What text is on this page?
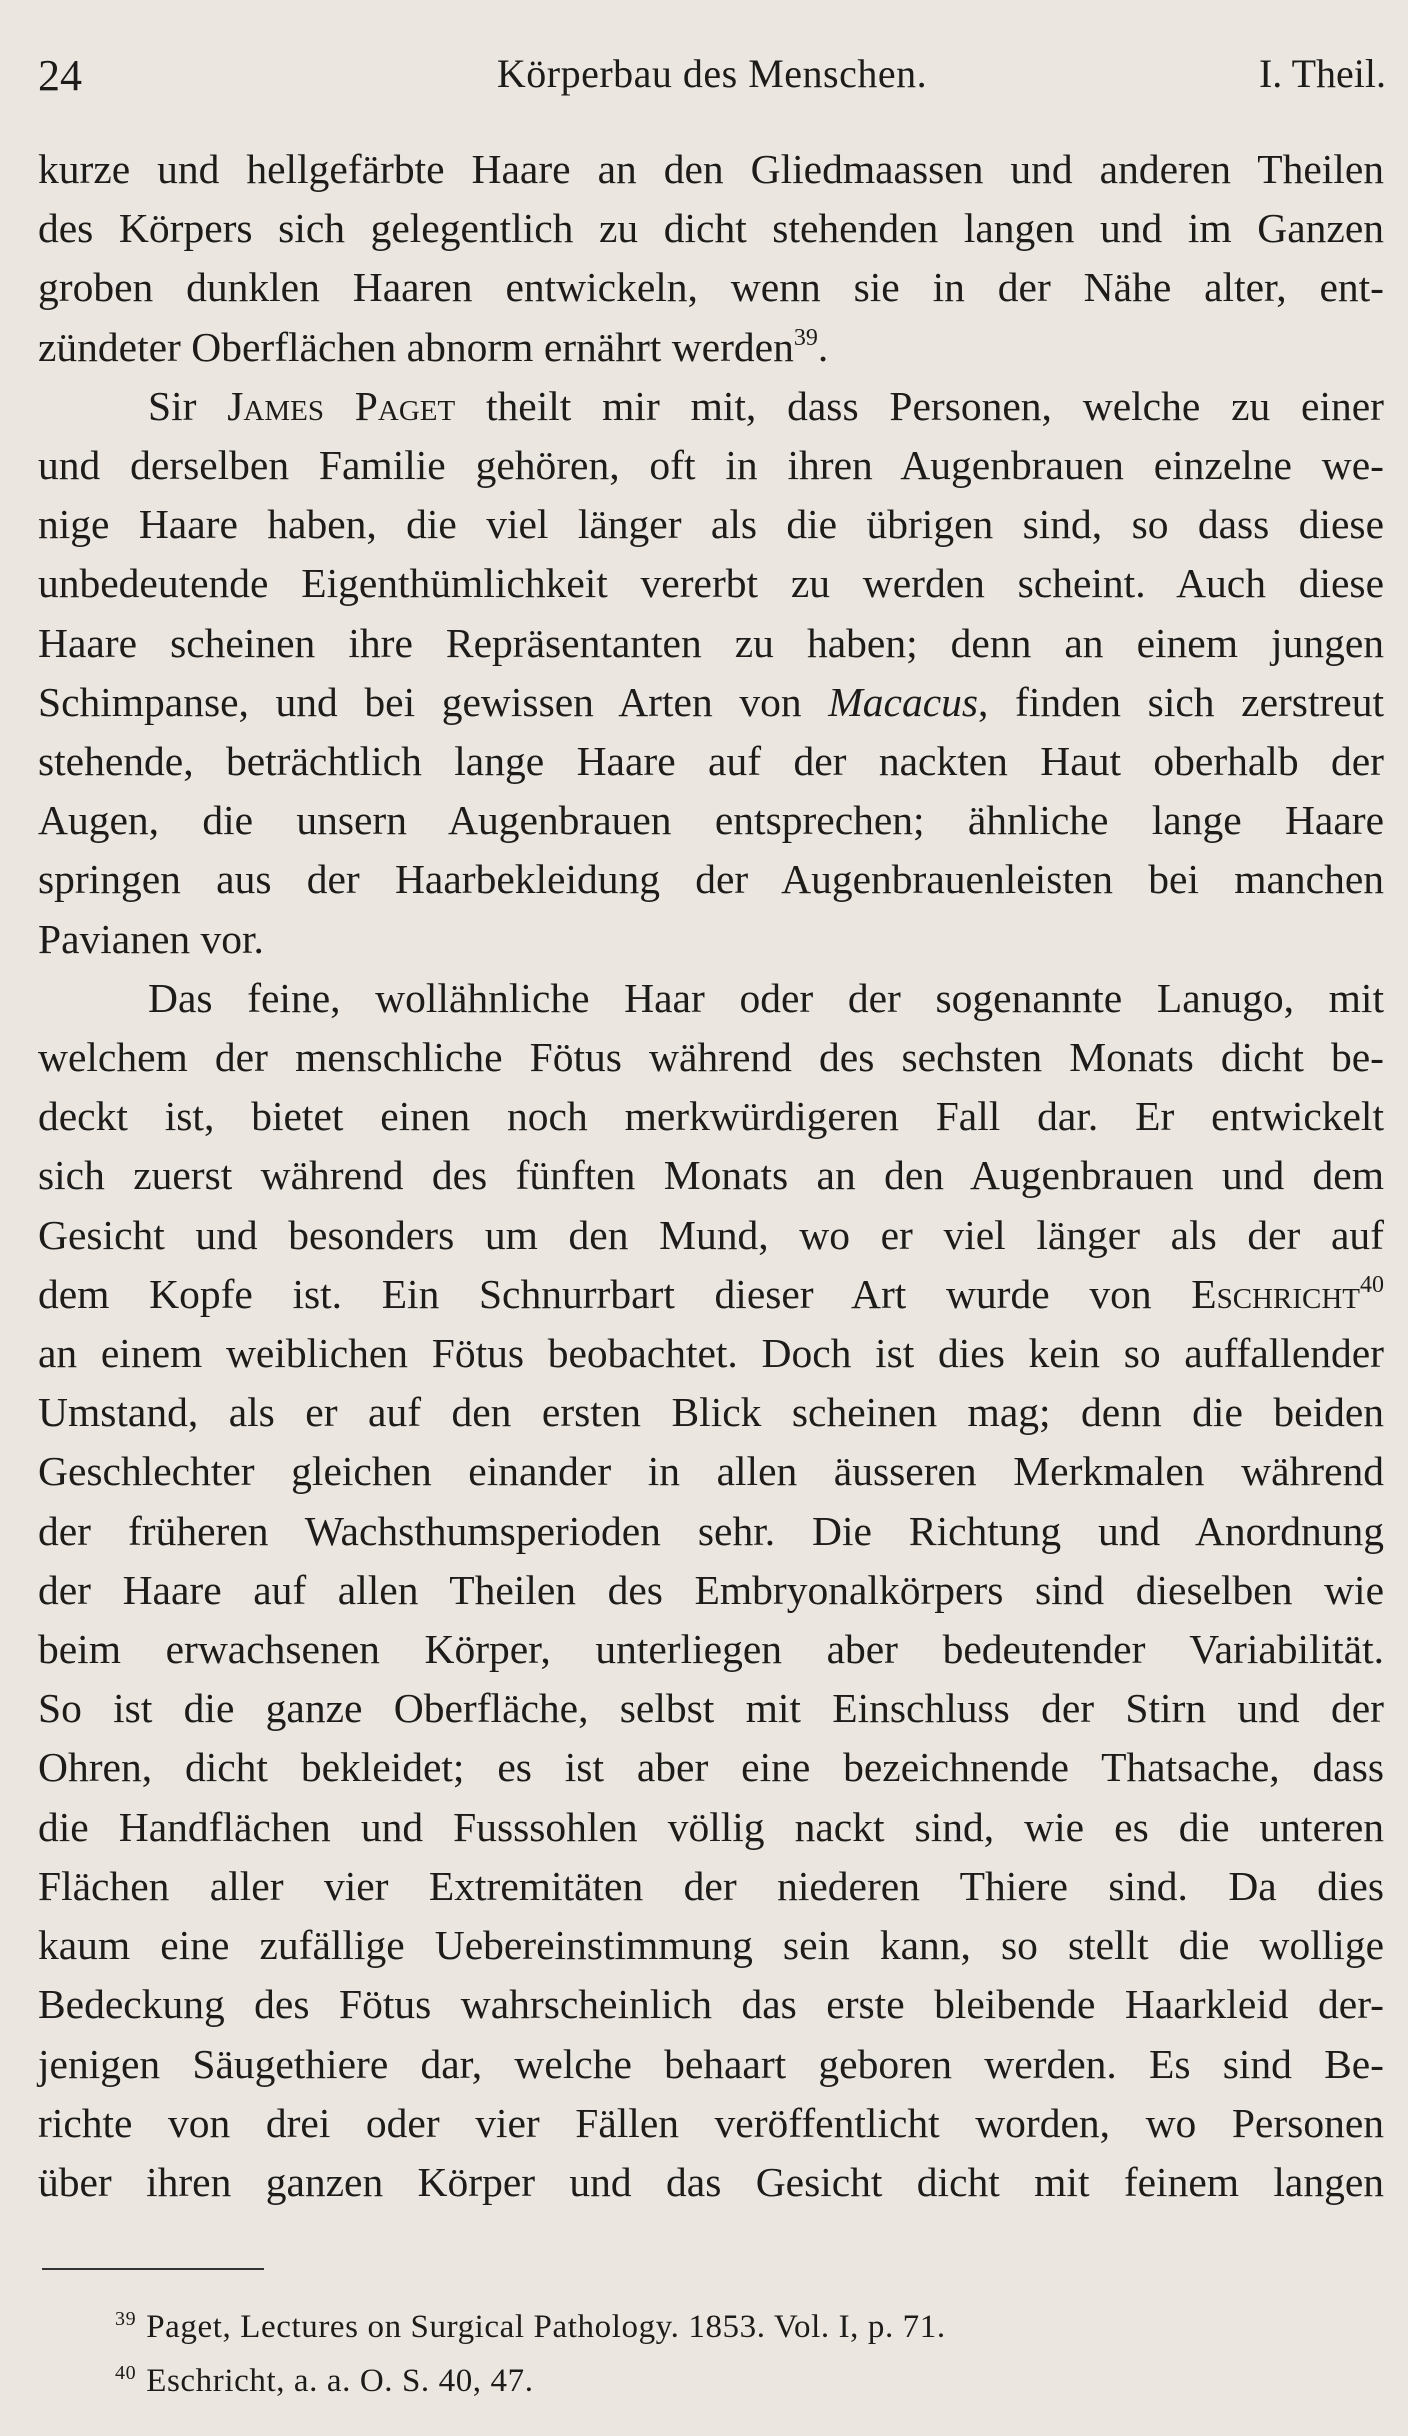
24	Körperbau des Menschen.	I. Theil.
kurze und hellgefärbte Haare an den Gliedmaassen und anderen Theilen
des Körpers sich gelegentlich zu dicht stehenden langen und im Ganzen
groben dunklen Haaren entwickeln, wenn sie in der Nähe alter, ent-
zündeter Oberflächen abnorm ernährt werden$^{39}$.
Sir James Paget theilt mir mit, dass Personen, welche zu einer
und derselben Familie gehören, oft in ihren Augenbrauen einzelne we-
nige Haare haben, die viel länger als die übrigen sind, so dass diese
unbedeutende Eigenthümlichkeit vererbt zu werden scheint. Auch diese
Haare scheinen ihre Repräsentanten zu haben; denn an einem jungen
Schimpanse, und bei gewissen Arten von Macacus, finden sich zerstreut
stehende, beträchtlich lange Haare auf der nackten Haut oberhalb der
Augen, die unsern Augenbrauen entsprechen; ähnliche lange Haare
springen aus der Haarbekleidung der Augenbrauenleisten bei manchen
Pavianen vor.
Das feine, wollähnliche Haar oder der sogenannte Lanugo, mit
welchem der menschliche Fötus während des sechsten Monats dicht be-
deckt ist, bietet einen noch merkwürdigeren Fall dar. Er entwickelt
sich zuerst während des fünften Monats an den Augenbrauen und dem
Gesicht und besonders um den Mund, wo er viel länger als der auf
dem Kopfe ist. Ein Schnurrbart dieser Art wurde von Eschricht$^{40}$
an einem weiblichen Fötus beobachtet. Doch ist dies kein so auffallender
Umstand, als er auf den ersten Blick scheinen mag; denn die beiden
Geschlechter gleichen einander in allen äusseren Merkmalen während
der früheren Wachsthumsperioden sehr. Die Richtung und Anordnung
der Haare auf allen Theilen des Embryonalkörpers sind dieselben wie
beim erwachsenen Körper, unterliegen aber bedeutender Variabilität.
So ist die ganze Oberfläche, selbst mit Einschluss der Stirn und der
Ohren, dicht bekleidet; es ist aber eine bezeichnende Thatsache, dass
die Handflächen und Fusssohlen völlig nackt sind, wie es die unteren
Flächen aller vier Extremitäten der niederen Thiere sind. Da dies
kaum eine zufällige Uebereinstimmung sein kann, so stellt die wollige
Bedeckung des Fötus wahrscheinlich das erste bleibende Haarkleid der-
jenigen Säugethiere dar, welche behaart geboren werden. Es sind Be-
richte von drei oder vier Fällen veröffentlicht worden, wo Personen
über ihren ganzen Körper und das Gesicht dicht mit feinem langen
$^{39}$ Paget, Lectures on Surgical Pathology. 1853. Vol. I, p. 71.
$^{40}$ Eschricht, a. a. O. S. 40, 47.
